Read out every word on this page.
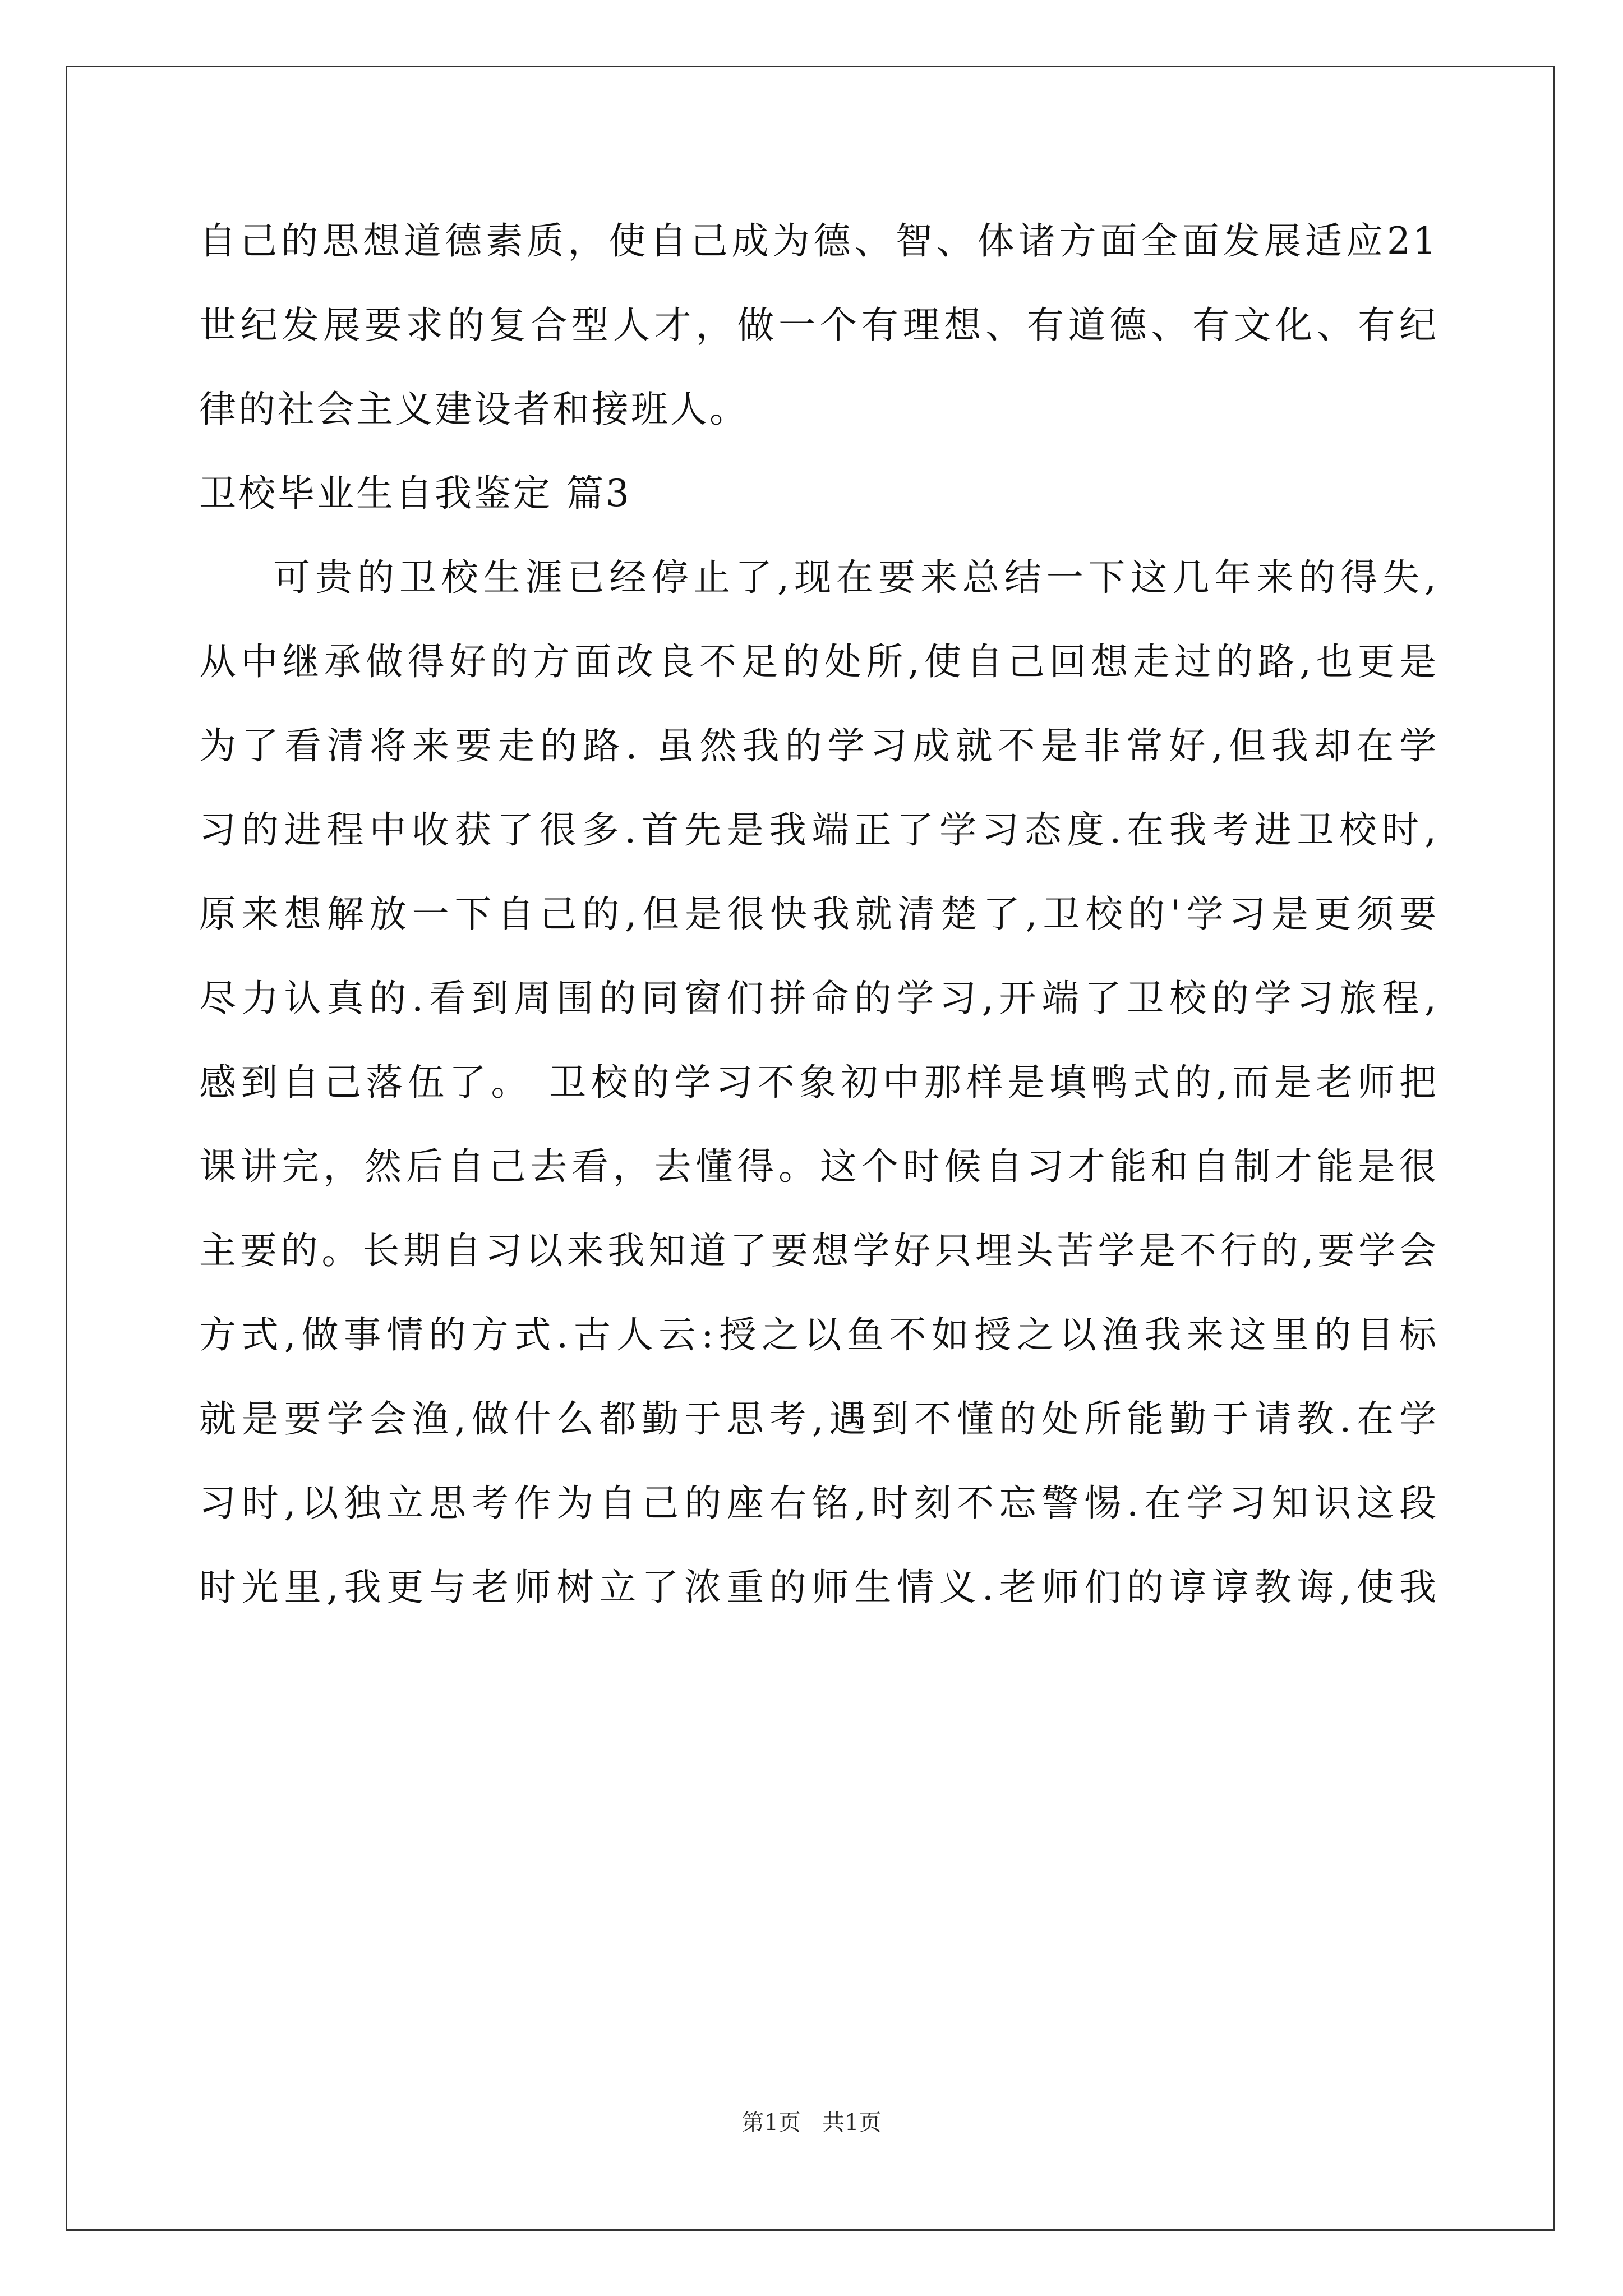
自己的思想道德素质，使自己成为德、智、体诸方面全面发展适应21
世纪发展要求的复合型人才，做一个有理想、有道德、有文化、有纪
律的社会主义建设者和接班人。
卫校毕业生自我鉴定 篇3
可贵的卫校生涯已经停止了,现在要来总结一下这几年来的得失,
从中继承做得好的方面改良不足的处所,使自己回想走过的路,也更是
为了看清将来要走的路. 虽然我的学习成就不是非常好,但我却在学
习的进程中收获了很多.首先是我端正了学习态度.在我考进卫校时,
原来想解放一下自己的,但是很快我就清楚了,卫校的'学习是更须要
尽力认真的.看到周围的同窗们拼命的学习,开端了卫校的学习旅程,
感到自己落伍了。 卫校的学习不象初中那样是填鸭式的,而是老师把
课讲完，然后自己去看，去懂得。这个时候自习才能和自制才能是很
主要的。长期自习以来我知道了要想学好只埋头苦学是不行的,要学会
方式,做事情的方式.古人云:授之以鱼不如授之以渔我来这里的目标
就是要学会渔,做什么都勤于思考,遇到不懂的处所能勤于请教.在学
习时,以独立思考作为自己的座右铭,时刻不忘警惕.在学习知识这段
时光里,我更与老师树立了浓重的师生情义.老师们的谆谆教诲,使我
第1页   共1页
